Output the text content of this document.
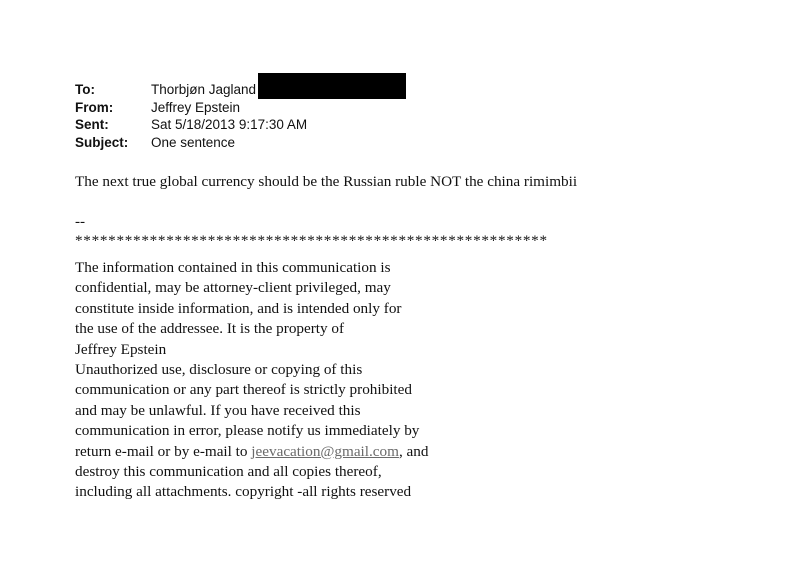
To:	Thorbjøn Jagland
From:	Jeffrey Epstein
Sent:	Sat 5/18/2013 9:17:30 AM
Subject:	One sentence
The next true global currency should be the Russian ruble NOT the china rimimbii
--
*********************************************************
The information contained in this communication is
confidential, may be attorney-client privileged, may
constitute inside information, and is intended only for
the use of the addressee. It is the property of
Jeffrey Epstein
Unauthorized use, disclosure or copying of this
communication or any part thereof is strictly prohibited
and may be unlawful. If you have received this
communication in error, please notify us immediately by
return e-mail or by e-mail to jeevacation@gmail.com, and
destroy this communication and all copies thereof,
including all attachments. copyright -all rights reserved
